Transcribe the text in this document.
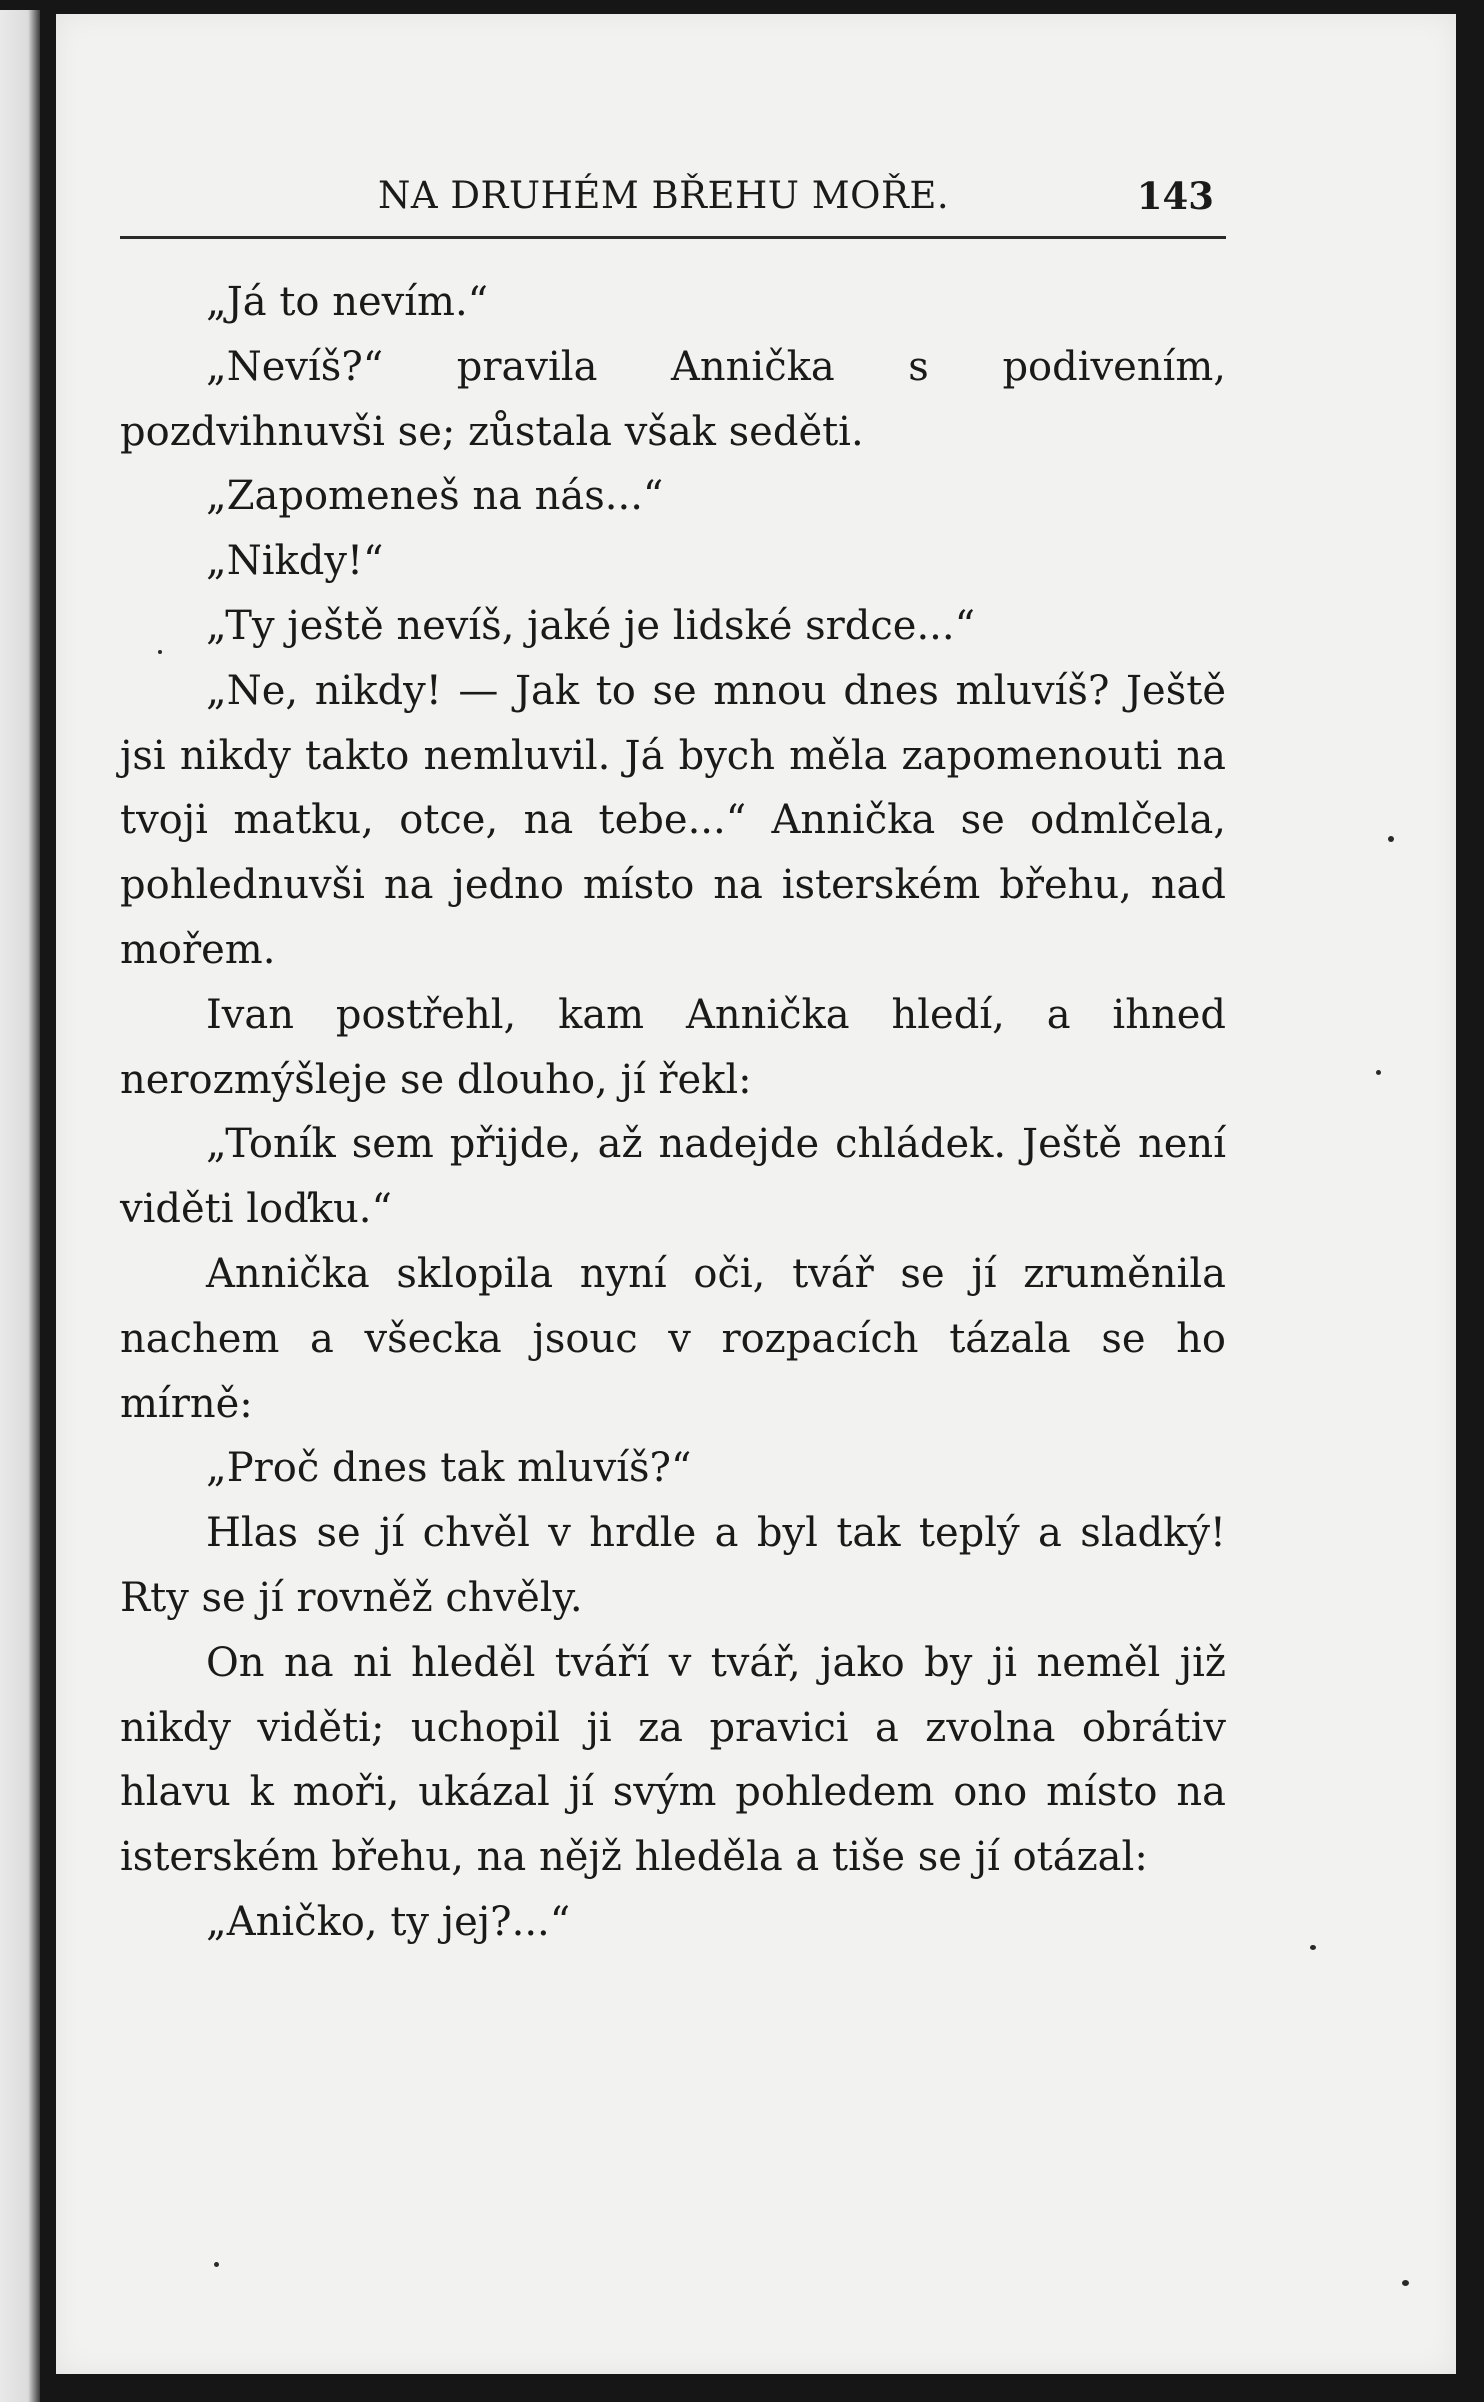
NA DRUHÉM BŘEHU MOŘE.	143

„Já to nevím.“

„Nevíš?“ pravila Annička s podivením, pozdvihnuvši se; zůstala však seděti.

„Zapomeneš na nás...“

„Nikdy!“

„Ty ještě nevíš, jaké je lidské srdce...“

„Ne, nikdy! — Jak to se mnou dnes mluvíš? Ještě jsi nikdy takto nemluvil. Já bych měla zapomenouti na tvoji matku, otce, na tebe...“ Annička se odmlčela, pohlednuvši na jedno místo na isterském břehu, nad mořem.

Ivan postřehl, kam Annička hledí, a ihned nerozmýšleje se dlouho, jí řekl:

„Toník sem přijde, až nadejde chládek. Ještě není viděti loďku.“

Annička sklopila nyní oči, tvář se jí zruměnila nachem a všecka jsouc v rozpacích tázala se ho mírně:

„Proč dnes tak mluvíš?“

Hlas se jí chvěl v hrdle a byl tak teplý a sladký! Rty se jí rovněž chvěly.

On na ni hleděl tváří v tvář, jako by ji neměl již nikdy viděti; uchopil ji za pravici a zvolna obrátiv hlavu k moři, ukázal jí svým pohledem ono místo na isterském břehu, na nějž hleděla a tiše se jí otázal:

„Aničko, ty jej?...“
